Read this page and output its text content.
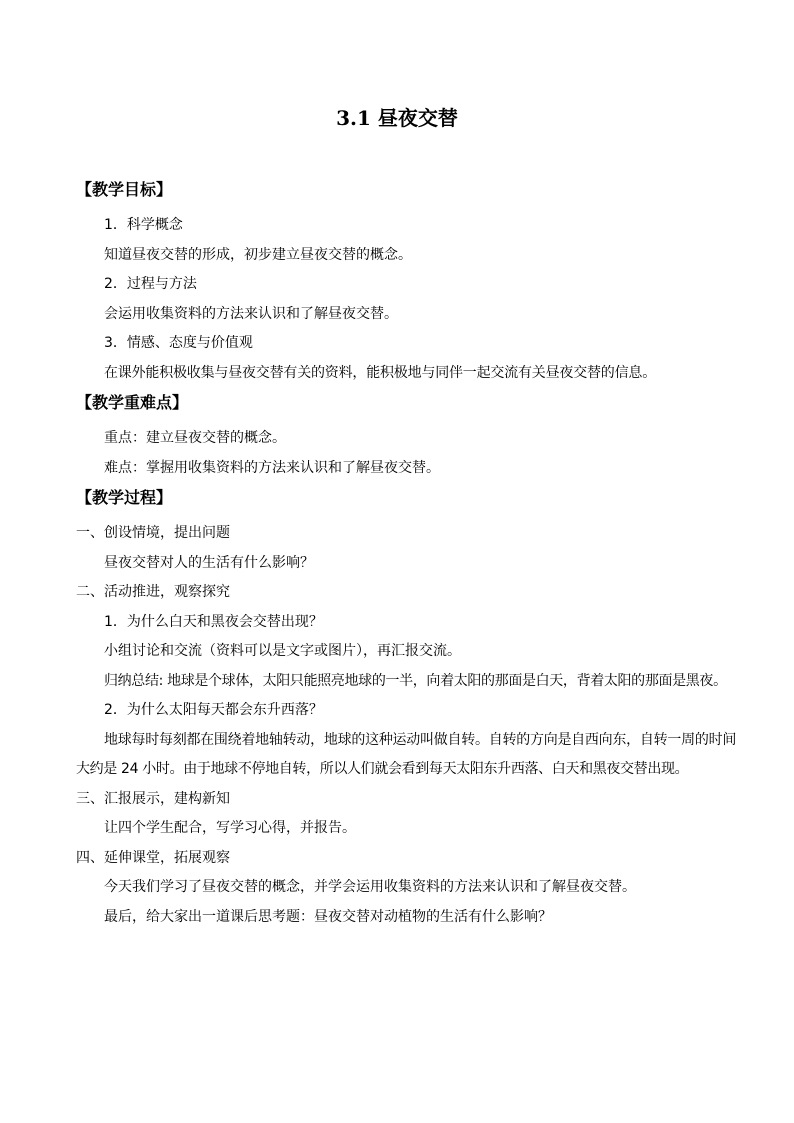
3.1 昼夜交替

【教学目标】

1．科学概念

知道昼夜交替的形成，初步建立昼夜交替的概念。

2．过程与方法

会运用收集资料的方法来认识和了解昼夜交替。

3．情感、态度与价值观

在课外能积极收集与昼夜交替有关的资料，能积极地与同伴一起交流有关昼夜交替的信息。

【教学重难点】

重点：建立昼夜交替的概念。

难点：掌握用收集资料的方法来认识和了解昼夜交替。

【教学过程】

一、创设情境，提出问题

昼夜交替对人的生活有什么影响？

二、活动推进，观察探究

1．为什么白天和黑夜会交替出现？

小组讨论和交流（资料可以是文字或图片），再汇报交流。

归纳总结: 地球是个球体，太阳只能照亮地球的一半，向着太阳的那面是白天，背着太阳的那面是黑夜。

2．为什么太阳每天都会东升西落？

地球每时每刻都在围绕着地轴转动，地球的这种运动叫做自转。自转的方向是自西向东，自转一周的时间大约是 24 小时。由于地球不停地自转，所以人们就会看到每天太阳东升西落、白天和黑夜交替出现。

三、汇报展示，建构新知

让四个学生配合，写学习心得，并报告。

四、延伸课堂，拓展观察

今天我们学习了昼夜交替的概念，并学会运用收集资料的方法来认识和了解昼夜交替。

最后，给大家出一道课后思考题：昼夜交替对动植物的生活有什么影响？
